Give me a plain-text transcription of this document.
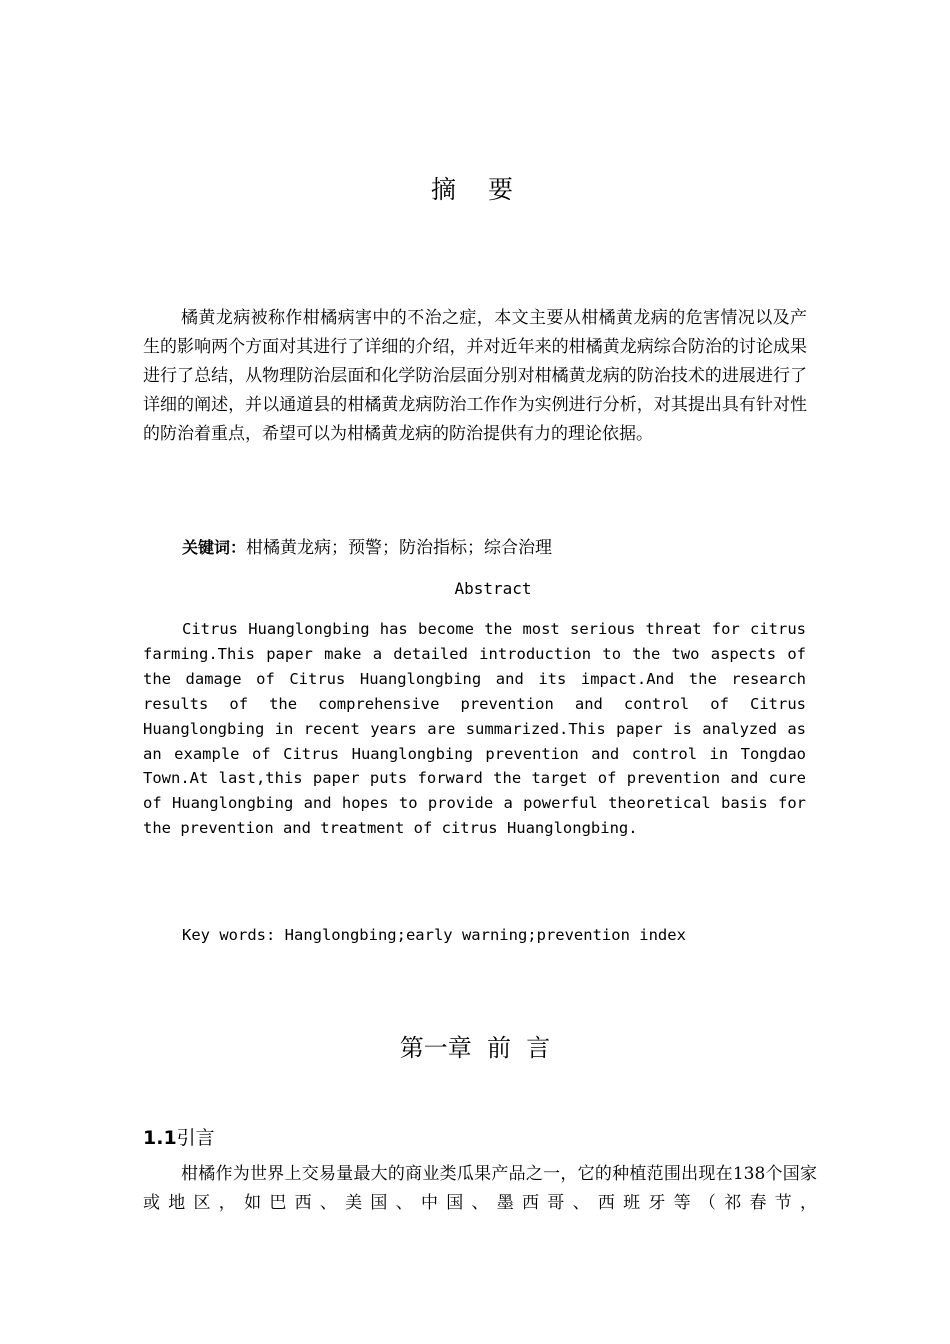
摘 要

橘黄龙病被称作柑橘病害中的不治之症，本文主要从柑橘黄龙病的危害情况以及产生的影响两个方面对其进行了详细的介绍，并对近年来的柑橘黄龙病综合防治的讨论成果进行了总结，从物理防治层面和化学防治层面分别对柑橘黄龙病的防治技术的进展进行了详细的阐述，并以通道县的柑橘黄龙病防治工作作为实例进行分析，对其提出具有针对性的防治着重点，希望可以为柑橘黄龙病的防治提供有力的理论依据。

关键词：柑橘黄龙病；预警；防治指标；综合治理
Abstract

Citrus Huanglongbing has become the most serious threat for citrus farming.This paper make a detailed introduction to the two aspects of the damage of Citrus Huanglongbing and its impact.And the research results of the comprehensive prevention and control of Citrus Huanglongbing in recent years are summarized.This paper is analyzed as an example of Citrus Huanglongbing prevention and control in Tongdao Town.At last,this paper puts forward the target of prevention and cure of Huanglongbing and hopes to provide a powerful theoretical basis for the prevention and treatment of citrus Huanglongbing.

Key words: Hanglongbing;early warning;prevention index
第一章  前  言
1.1引言

柑橘作为世界上交易量最大的商业类瓜果产品之一，它的种植范围出现在138个国家或地区，如巴西、美国、中国、墨西哥、西班牙等（祁春节，
